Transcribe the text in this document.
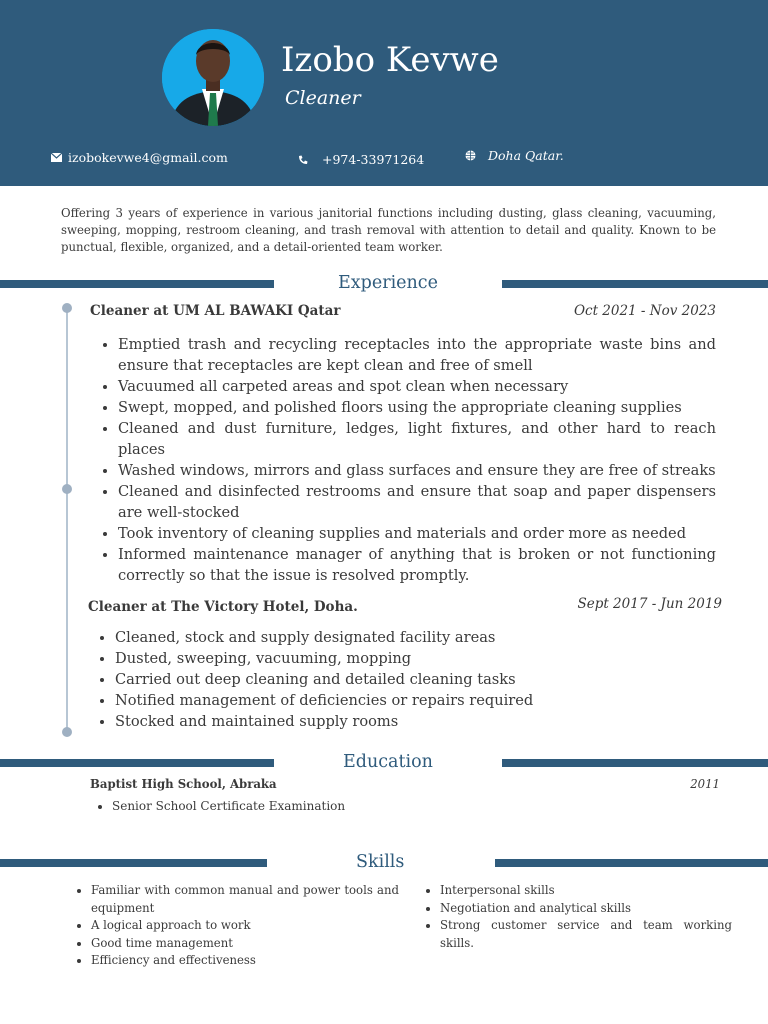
Izobo Kevwe
Cleaner
izobokevwe4@gmail.com	+974-33971264	Doha Qatar.
Offering 3 years of experience in various janitorial functions including dusting, glass cleaning, vacuuming, sweeping, mopping, restroom cleaning, and trash removal with attention to detail and quality. Known to be punctual, flexible, organized, and a detail-oriented team worker.
Experience
Cleaner at UM AL BAWAKI Qatar	Oct 2021 - Nov 2023
• Emptied trash and recycling receptacles into the appropriate waste bins and ensure that receptacles are kept clean and free of smell
• Vacuumed all carpeted areas and spot clean when necessary
• Swept, mopped, and polished floors using the appropriate cleaning supplies
• Cleaned and dust furniture, ledges, light fixtures, and other hard to reach places
• Washed windows, mirrors and glass surfaces and ensure they are free of streaks
• Cleaned and disinfected restrooms and ensure that soap and paper dispensers are well-stocked
• Took inventory of cleaning supplies and materials and order more as needed
• Informed maintenance manager of anything that is broken or not functioning correctly so that the issue is resolved promptly.
Cleaner at The Victory Hotel, Doha.	Sept 2017 - Jun 2019
• Cleaned, stock and supply designated facility areas
• Dusted, sweeping, vacuuming, mopping
• Carried out deep cleaning and detailed cleaning tasks
• Notified management of deficiencies or repairs required
• Stocked and maintained supply rooms
Education
Baptist High School, Abraka	2011
• Senior School Certificate Examination
Skills
• Familiar with common manual and power tools and equipment
• A logical approach to work
• Good time management
• Efficiency and effectiveness
• Interpersonal skills
• Negotiation and analytical skills
• Strong customer service and team working skills.
